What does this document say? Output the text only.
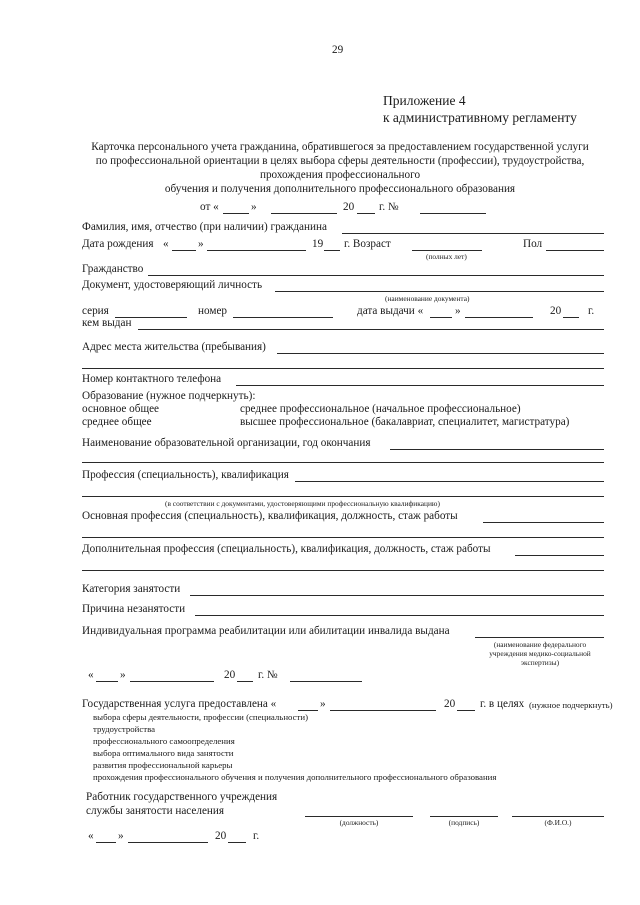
29
Приложение 4
к административному регламенту
Карточка персонального учета гражданина, обратившегося за предоставлением государственной услуги
по профессиональной ориентации в целях выбора сферы деятельности (профессии), трудоустройства,
прохождения профессионального
обучения и получения дополнительного профессионального образования
от «	»	20 г. №
Фамилия, имя, отчество (при наличии) гражданина
Дата рождения «	»	19 г. Возраст
(полных лет)
Пол
Гражданство
Документ, удостоверяющий личность
(наименование документа)
серия	номер	дата выдачи «	»	20 г.
кем выдан
Адрес места жительства (пребывания)
Номер контактного телефона
Образование (нужное подчеркнуть):
основное общее	среднее профессиональное (начальное профессиональное)
среднее общее	высшее профессиональное (бакалавриат, специалитет, магистратура)
Наименование образовательной организации, год окончания
Профессия (специальность), квалификация
(в соответствии с документами, удостоверяющими профессиональную квалификацию)
Основная профессия (специальность), квалификация, должность, стаж работы
Дополнительная профессия (специальность), квалификация, должность, стаж работы
Категория занятости
Причина незанятости
Индивидуальная программа реабилитации или абилитации инвалида выдана
(наименование федерального
учреждения медико-социальной
экспертизы)
« »	20 г. №
Государственная услуга предоставлена «	»	20 г. в целях (нужное подчеркнуть)
выбора сферы деятельности, профессии (специальности)
трудоустройства
профессионального самоопределения
выбора оптимального вида занятости
развития профессиональной карьеры
прохождения профессионального обучения и получения дополнительного профессионального образования
Работник государственного учреждения
службы занятости населения
(должность)	(подпись)	(Ф.И.О.)
« »	20 г.
